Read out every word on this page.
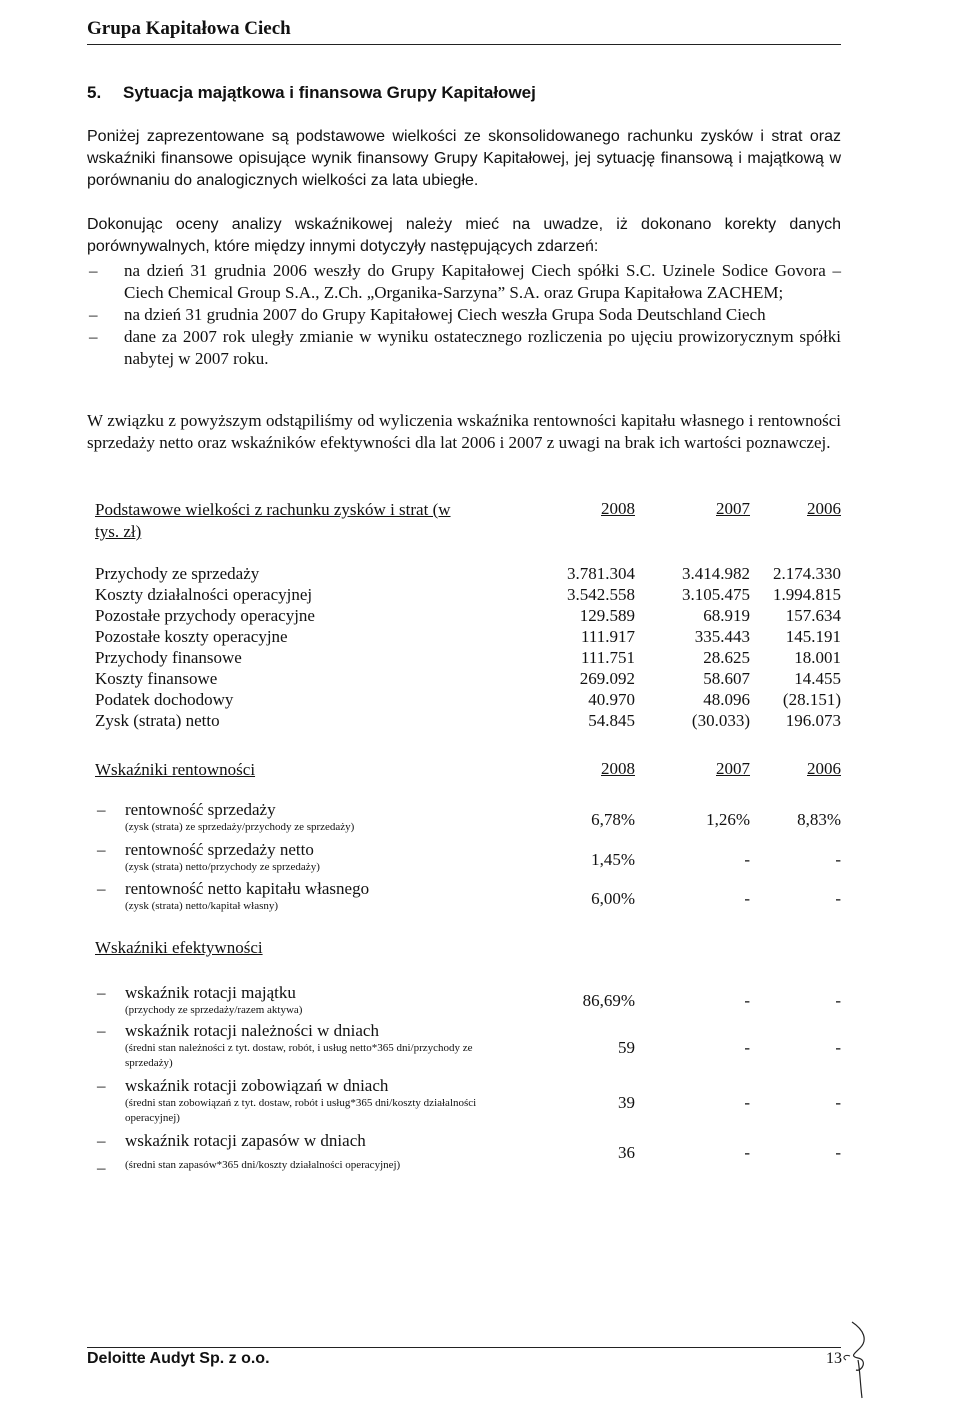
Grupa Kapitałowa Ciech
5. Sytuacja majątkowa i finansowa Grupy Kapitałowej
Poniżej zaprezentowane są podstawowe wielkości ze skonsolidowanego rachunku zysków i strat oraz wskaźniki finansowe opisujące wynik finansowy Grupy Kapitałowej, jej sytuację finansową i majątkową w porównaniu do analogicznych wielkości za lata ubiegłe.
Dokonując oceny analizy wskaźnikowej należy mieć na uwadze, iż dokonano korekty danych porównywalnych, które między innymi dotyczyły następujących zdarzeń:
– na dzień 31 grudnia 2006 weszły do Grupy Kapitałowej Ciech spółki S.C. Uzinele Sodice Govora – Ciech Chemical Group S.A., Z.Ch. „Organika-Sarzyna” S.A. oraz Grupa Kapitałowa ZACHEM;
– na dzień 31 grudnia 2007 do Grupy Kapitałowej Ciech weszła Grupa Soda Deutschland Ciech
– dane za 2007 rok uległy zmianie w wyniku ostatecznego rozliczenia po ujęciu prowizorycznym spółki nabytej w 2007 roku.
W związku z powyższym odstąpiliśmy od wyliczenia wskaźnika rentowności kapitału własnego i rentowności sprzedaży netto oraz wskaźników efektywności dla lat 2006 i 2007 z uwagi na brak ich wartości poznawczej.
Podstawowe wielkości z rachunku zysków i strat (w tys. zł)
2008	2007	2006
Przychody ze sprzedaży	3.781.304	3.414.982	2.174.330
Koszty działalności operacyjnej	3.542.558	3.105.475	1.994.815
Pozostałe przychody operacyjne	129.589	68.919	157.634
Pozostałe koszty operacyjne	111.917	335.443	145.191
Przychody finansowe	111.751	28.625	18.001
Koszty finansowe	269.092	58.607	14.455
Podatek dochodowy	40.970	48.096	(28.151)
Zysk (strata) netto	54.845	(30.033)	196.073
Wskaźniki rentowności	2008	2007	2006
– rentowność sprzedaży
(zysk (strata) ze sprzedaży/przychody ze sprzedaży)	6,78%	1,26%	8,83%
– rentowność sprzedaży netto
(zysk (strata) netto/przychody ze sprzedaży)	1,45%	-	-
– rentowność netto kapitału własnego
(zysk (strata) netto/kapitał własny)	6,00%	-	-
Wskaźniki efektywności
– wskaźnik rotacji majątku
(przychody ze sprzedaży/razem aktywa)	86,69%	-	-
– wskaźnik rotacji należności w dniach
(średni stan należności z tyt. dostaw, robót, i usług netto*365 dni/przychody ze sprzedaży)
59	-	-
– wskaźnik rotacji zobowiązań w dniach
(średni stan zobowiązań z tyt. dostaw, robót i usług*365 dni/koszty działalności operacyjnej)
39	-	-
– wskaźnik rotacji zapasów w dniach
36	-	-
– (średni stan zapasów*365 dni/koszty działalności operacyjnej)
Deloitte Audyt Sp. z o.o.	13
